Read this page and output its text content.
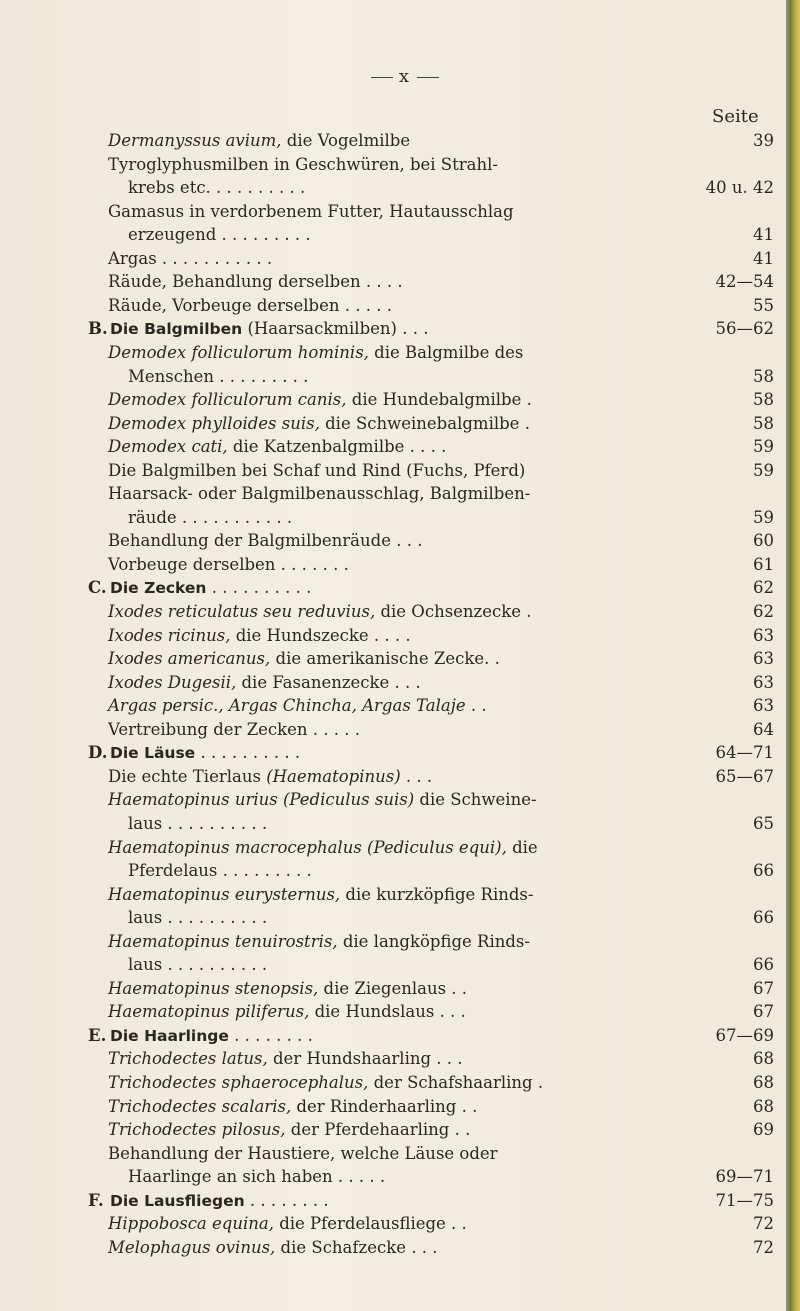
x
Seite
Dermanyssus avium, die Vogelmilbe	39
Tyroglyphusmilben in Geschwüren, bei Strahl-
krebs etc. . . . . . . . . .	40 u. 42
Gamasus in verdorbenem Futter, Hautausschlag
erzeugend . . . . . . . . .	41
Argas . . . . . . . . . . .	41
Räude, Behandlung derselben . . . .	42—54
Räude, Vorbeuge derselben . . . . .	55
B. Die Balgmilben (Haarsackmilben) . . .	56—62
Demodex folliculorum hominis, die Balgmilbe des
Menschen . . . . . . . . .	58
Demodex folliculorum canis, die Hundebalgmilbe .	58
Demodex phylloides suis, die Schweinebalgmilbe .	58
Demodex cati, die Katzenbalgmilbe . . . .	59
Die Balgmilben bei Schaf und Rind (Fuchs, Pferd)	59
Haarsack- oder Balgmilbenausschlag, Balgmilben-
räude . . . . . . . . . . .	59
Behandlung der Balgmilbenräude . . .	60
Vorbeuge derselben . . . . . . .	61
C. Die Zecken . . . . . . . . . .	62
Ixodes reticulatus seu reduvius, die Ochsenzecke .	62
Ixodes ricinus, die Hundszecke . . . .	63
Ixodes americanus, die amerikanische Zecke. .	63
Ixodes Dugesii, die Fasanenzecke . . .	63
Argas persic., Argas Chincha, Argas Talaje . .	63
Vertreibung der Zecken . . . . .	64
D. Die Läuse . . . . . . . . . .	64—71
Die echte Tierlaus (Haematopinus) . . .	65—67
Haematopinus urius (Pediculus suis) die Schweine-
laus . . . . . . . . . .	65
Haematopinus macrocephalus (Pediculus equi), die
Pferdelaus . . . . . . . . .	66
Haematopinus eurysternus, die kurzköpfige Rinds-
laus . . . . . . . . . .	66
Haematopinus tenuirostris, die langköpfige Rinds-
laus . . . . . . . . . .	66
Haematopinus stenopsis, die Ziegenlaus . .	67
Haematopinus piliferus, die Hundslaus . . .	67
E. Die Haarlinge . . . . . . . .	67—69
Trichodectes latus, der Hundshaarling . . .	68
Trichodectes sphaerocephalus, der Schafshaarling .	68
Trichodectes scalaris, der Rinderhaarling . .	68
Trichodectes pilosus, der Pferdehaarling . .	69
Behandlung der Haustiere, welche Läuse oder
Haarlinge an sich haben . . . . .	69—71
F. Die Lausfliegen . . . . . . . .	71—75
Hippobosca equina, die Pferdelausfliege . .	72
Melophagus ovinus, die Schafzecke . . .	72
